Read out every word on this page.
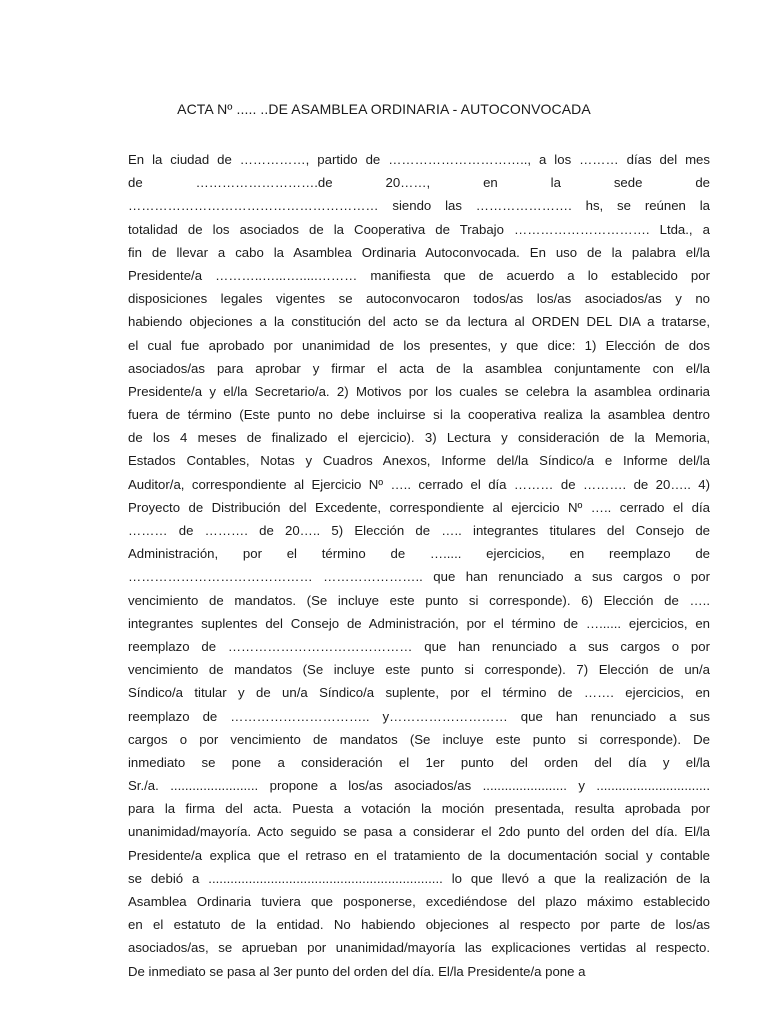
ACTA Nº ..... ..DE ASAMBLEA ORDINARIA - AUTOCONVOCADA
En la ciudad de ……………, partido de ………………………….., a los ……… días del mes
de ……………………….de 20……, en la sede de
………………………………………………… siendo las …………………. hs, se reúnen la
totalidad de los asociados de la Cooperativa de Trabajo …………………………. Ltda., a
fin de llevar a cabo la Asamblea Ordinaria Autoconvocada. En uso de la palabra el/la
Presidente/a ………..…...….....……… manifiesta que de acuerdo a lo establecido por
disposiciones legales vigentes se autoconvocaron todos/as los/as asociados/as y no
habiendo objeciones a la constitución del acto se da lectura al ORDEN DEL DIA a tratarse,
el cual fue aprobado por unanimidad de los presentes, y que dice: 1) Elección de dos
asociados/as para aprobar y firmar el acta de la asamblea conjuntamente con el/la
Presidente/a y el/la Secretario/a. 2) Motivos por los cuales se celebra la asamblea ordinaria
fuera de término (Este punto no debe incluirse si la cooperativa realiza la asamblea dentro
de los 4 meses de finalizado el ejercicio). 3) Lectura y consideración de la Memoria,
Estados Contables, Notas y Cuadros Anexos, Informe del/la Síndico/a e Informe del/la
Auditor/a, correspondiente al Ejercicio Nº ….. cerrado el día ……… de ………. de 20….. 4)
Proyecto de Distribución del Excedente, correspondiente al ejercicio Nº ….. cerrado el día
……… de ………. de 20….. 5) Elección de ….. integrantes titulares del Consejo de
Administración, por el término de …..... ejercicios, en reemplazo de
…………………………………… ………………….. que han renunciado a sus cargos o por
vencimiento de mandatos. (Se incluye este punto si corresponde). 6) Elección de …..
integrantes suplentes del Consejo de Administración, por el término de …...... ejercicios, en
reemplazo de …………………………………… que han renunciado a sus cargos o por
vencimiento de mandatos (Se incluye este punto si corresponde). 7) Elección de un/a
Síndico/a titular y de un/a Síndico/a suplente, por el término de ……. ejercicios, en
reemplazo de ………………………….. y……………………… que han renunciado a sus
cargos o por vencimiento de mandatos (Se incluye este punto si corresponde). De
inmediato se pone a consideración el 1er punto del orden del día y el/la
Sr./a. ........................ propone a los/as asociados/as ....................... y ...............................
para la firma del acta. Puesta a votación la moción presentada, resulta aprobada por
unanimidad/mayoría. Acto seguido se pasa a considerar el 2do punto del orden del día. El/la
Presidente/a explica que el retraso en el tratamiento de la documentación social y contable
se debió a ................................................................ lo que llevó a que la realización de la
Asamblea Ordinaria tuviera que posponerse, excediéndose del plazo máximo establecido
en el estatuto de la entidad. No habiendo objeciones al respecto por parte de los/as
asociados/as, se aprueban por unanimidad/mayoría las explicaciones vertidas al respecto.
De inmediato se pasa al 3er punto del orden del día. El/la Presidente/a pone a
